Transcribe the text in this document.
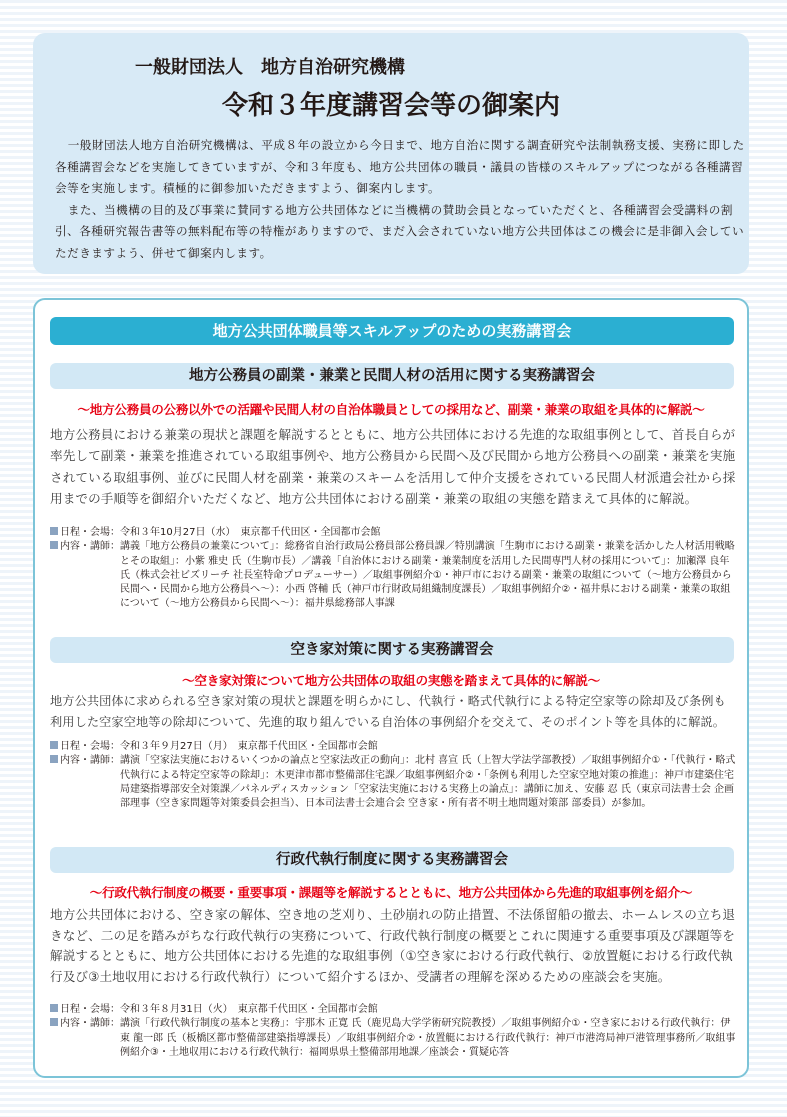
一般財団法人　地方自治研究機構
令和３年度講習会等の御案内

一般財団法人地方自治研究機構は、平成８年の設立から今日まで、地方自治に関する調査研究や法制執務支援、実務に即した各種講習会などを実施してきていますが、令和３年度も、地方公共団体の職員・議員の皆様のスキルアップにつながる各種講習会等を実施します。積極的に御参加いただきますよう、御案内します。

また、当機構の目的及び事業に賛同する地方公共団体などに当機構の賛助会員となっていただくと、各種講習会受講料の割引、各種研究報告書等の無料配布等の特権がありますので、まだ入会されていない地方公共団体はこの機会に是非御入会していただきますよう、併せて御案内します。

地方公共団体職員等スキルアップのための実務講習会
地方公務員の副業・兼業と民間人材の活用に関する実務講習会
～地方公務員の公務以外での活躍や民間人材の自治体職員としての採用など、副業・兼業の取組を具体的に解説～

地方公務員における兼業の現状と課題を解説するとともに、地方公共団体における先進的な取組事例として、首長自らが率先して副業・兼業を推進されている取組事例や、地方公務員から民間へ及び民間から地方公務員への副業・兼業を実施されている取組事例、並びに民間人材を副業・兼業のスキームを活用して仲介支援をされている民間人材派遣会社から採用までの手順等を御紹介いただくなど、地方公共団体における副業・兼業の取組の実態を踏まえて具体的に解説。

日程・会場： 令和３年10月27日（水）　東京都千代田区・全国都市会館
内容・講師： 講義「地方公務員の兼業について」：総務省自治行政局公務員部公務員課／特別講演「生駒市における副業・兼業を活かした人材活用戦略とその取組」：小紫 雅史 氏（生駒市長）／講義「自治体における副業・兼業制度を活用した民間専門人材の採用について」：加瀬澤 良年 氏（株式会社ビズリーチ 社長室特命プロデューサー）／取組事例紹介①・神戸市における副業・兼業の取組について（～地方公務員から民間へ・民間から地方公務員へ～）：小西 啓輔 氏（神戸市行財政局組織制度課長）／取組事例紹介②・福井県における副業・兼業の取組について（～地方公務員から民間へ～）：福井県総務部人事課
空き家対策に関する実務講習会
～空き家対策について地方公共団体の取組の実態を踏まえて具体的に解説～

地方公共団体に求められる空き家対策の現状と課題を明らかにし、代執行・略式代執行による特定空家等の除却及び条例も利用した空家空地等の除却について、先進的取り組んでいる自治体の事例紹介を交えて、そのポイント等を具体的に解説。

日程・会場： 令和３年９月27日（月）　東京都千代田区・全国都市会館
内容・講師： 講演「空家法実施におけるいくつかの論点と空家法改正の動向」：北村 喜宣 氏（上智大学法学部教授）／取組事例紹介①・「代執行・略式代執行による特定空家等の除却」：木更津市都市整備部住宅課／取組事例紹介②・「条例も利用した空家空地対策の推進」：神戸市建築住宅局建築指導部安全対策課／パネルディスカッション「空家法実施における実務上の論点」：講師に加え、安藤 忍 氏（東京司法書士会 企画部理事（空き家問題等対策委員会担当）、日本司法書士会連合会 空き家・所有者不明土地問題対策部 部委員）が参加。
行政代執行制度に関する実務講習会
～行政代執行制度の概要・重要事項・課題等を解説するとともに、地方公共団体から先進的取組事例を紹介～

地方公共団体における、空き家の解体、空き地の芝刈り、土砂崩れの防止措置、不法係留船の撤去、ホームレスの立ち退きなど、二の足を踏みがちな行政代執行の実務について、行政代執行制度の概要とこれに関連する重要事項及び課題等を解説するとともに、地方公共団体における先進的な取組事例（①空き家における行政代執行、②放置艇における行政代執行及び③土地収用における行政代執行）について紹介するほか、受講者の理解を深めるための座談会を実施。

日程・会場： 令和３年８月31日（火）　東京都千代田区・全国都市会館
内容・講師： 講演「行政代執行制度の基本と実務」：宇那木 正寛 氏（鹿児島大学学術研究院教授）／取組事例紹介①・空き家における行政代執行：伊東 龍一郎 氏（板橋区都市整備部建築指導課長）／取組事例紹介②・放置艇における行政代執行：神戸市港湾局神戸港管理事務所／取組事例紹介③・土地収用における行政代執行：福岡県県土整備部用地課／座談会・質疑応答
